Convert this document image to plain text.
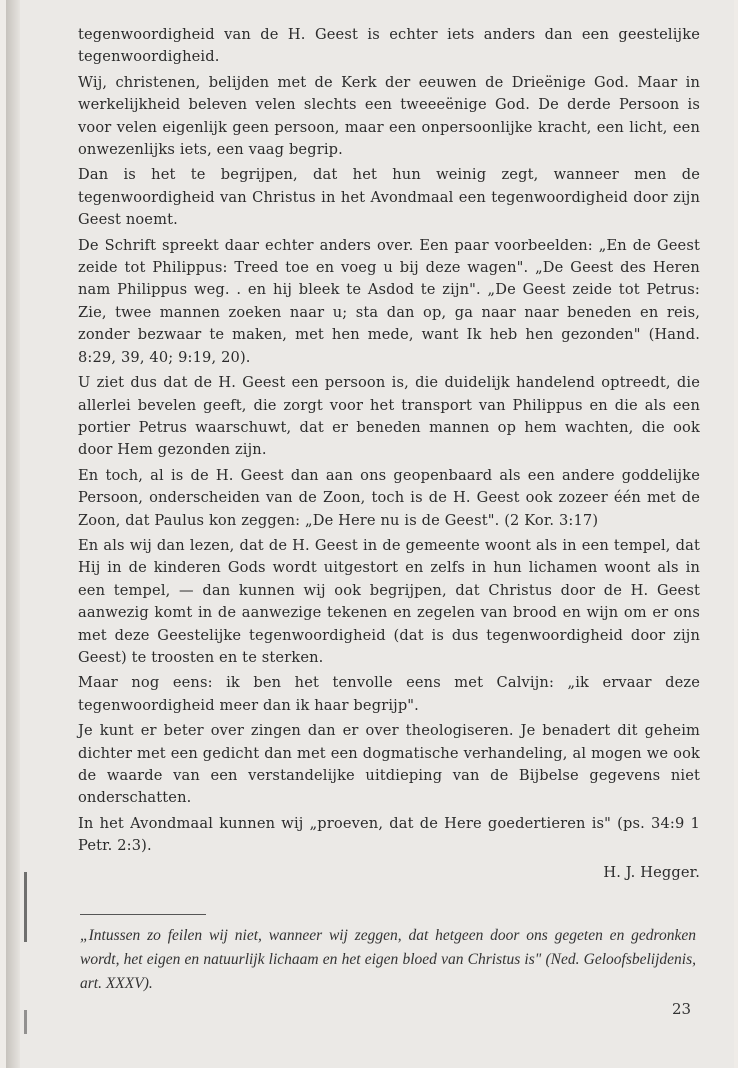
tegenwoordigheid van de H. Geest is echter iets anders dan een geestelijke tegenwoordigheid.

Wij, christenen, belijden met de Kerk der eeuwen de Drieënige God. Maar in werkelijkheid beleven velen slechts een tweeeënige God. De derde Persoon is voor velen eigenlijk geen persoon, maar een onpersoonlijke kracht, een licht, een onwezenlijks iets, een vaag begrip.

Dan is het te begrijpen, dat het hun weinig zegt, wanneer men de tegenwoordigheid van Christus in het Avondmaal een tegenwoordigheid door zijn Geest noemt.

De Schrift spreekt daar echter anders over. Een paar voorbeelden: „En de Geest zeide tot Philippus: Treed toe en voeg u bij deze wagen". „De Geest des Heren nam Philippus weg. . en hij bleek te Asdod te zijn". „De Geest zeide tot Petrus: Zie, twee mannen zoeken naar u; sta dan op, ga naar naar beneden en reis, zonder bezwaar te maken, met hen mede, want Ik heb hen gezonden" (Hand. 8:29, 39, 40; 9:19, 20).

U ziet dus dat de H. Geest een persoon is, die duidelijk handelend optreedt, die allerlei bevelen geeft, die zorgt voor het transport van Philippus en die als een portier Petrus waarschuwt, dat er beneden mannen op hem wachten, die ook door Hem gezonden zijn.

En toch, al is de H. Geest dan aan ons geopenbaard als een andere goddelijke Persoon, onderscheiden van de Zoon, toch is de H. Geest ook zozeer één met de Zoon, dat Paulus kon zeggen: „De Here nu is de Geest". (2 Kor. 3:17)

En als wij dan lezen, dat de H. Geest in de gemeente woont als in een tempel, dat Hij in de kinderen Gods wordt uitgestort en zelfs in hun lichamen woont als in een tempel, — dan kunnen wij ook begrijpen, dat Christus door de H. Geest aanwezig komt in de aanwezige tekenen en zegelen van brood en wijn om er ons met deze Geestelijke tegenwoordigheid (dat is dus tegenwoordigheid door zijn Geest) te troosten en te sterken.

Maar nog eens: ik ben het tenvolle eens met Calvijn: „ik ervaar deze tegenwoordigheid meer dan ik haar begrijp".

Je kunt er beter over zingen dan er over theologiseren. Je benadert dit geheim dichter met een gedicht dan met een dogmatische verhandeling, al mogen we ook de waarde van een verstandelijke uitdieping van de Bijbelse gegevens niet onderschatten.

In het Avondmaal kunnen wij „proeven, dat de Here goedertieren is" (ps. 34:9 1 Petr. 2:3).

H. J. Hegger.

„Intussen zo feilen wij niet, wanneer wij zeggen, dat hetgeen door ons gegeten en gedronken wordt, het eigen en natuurlijk lichaam en het eigen bloed van Christus is" (Ned. Geloofsbelijdenis, art. XXXV).

23
